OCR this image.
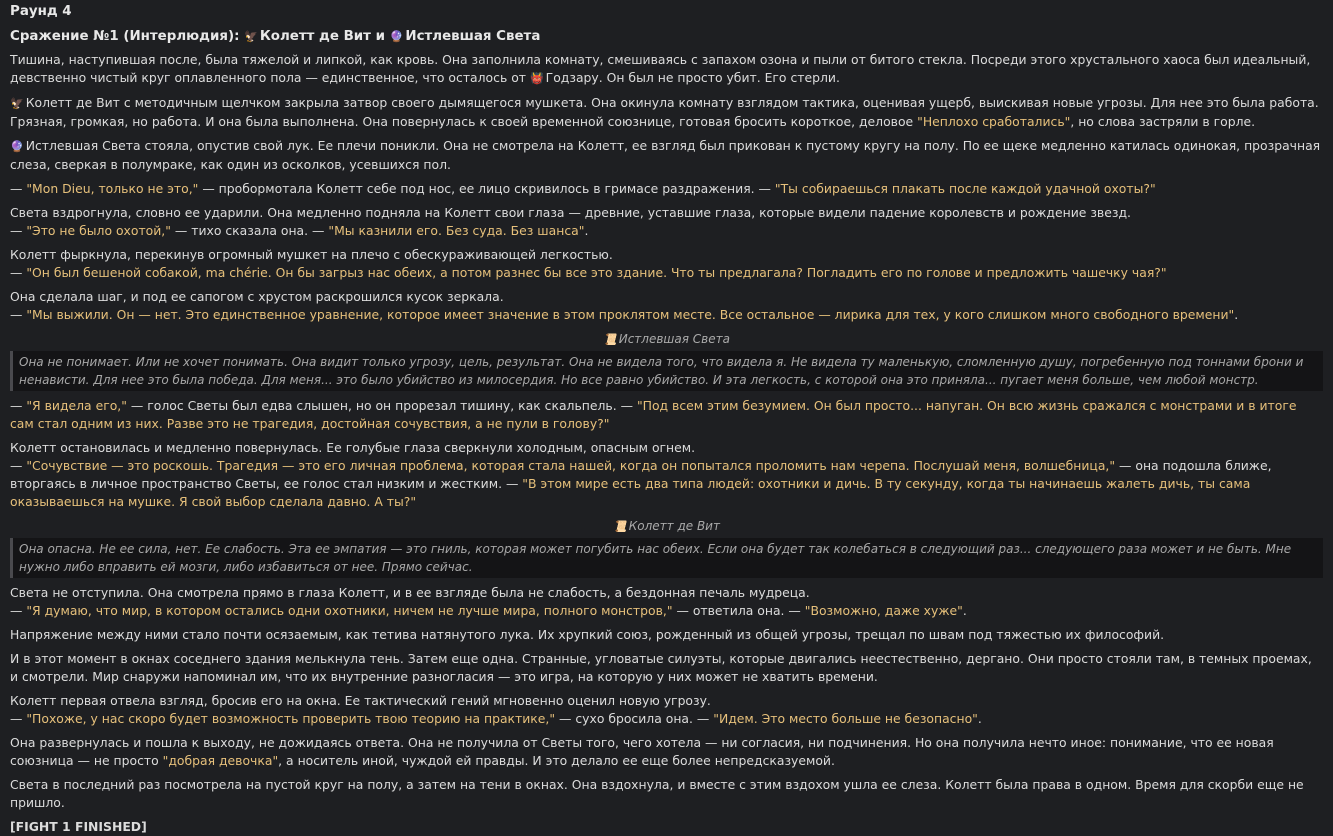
Раунд 4
Сражение №1 (Интерлюдия): 🦅 Колетт де Вит и 🔮 Истлевшая Света

Тишина, наступившая после, была тяжелой и липкой, как кровь. Она заполнила комнату, смешиваясь с запахом озона и пыли от битого стекла. Посреди этого хрустального хаоса был идеальный, девственно чистый круг оплавленного пола — единственное, что осталось от 👹 Годзару. Он был не просто убит. Его стерли.

🦅 Колетт де Вит с методичным щелчком закрыла затвор своего дымящегося мушкета. Она окинула комнату взглядом тактика, оценивая ущерб, выискивая новые угрозы. Для нее это была работа. Грязная, громкая, но работа. И она была выполнена. Она повернулась к своей временной союзнице, готовая бросить короткое, деловое "Неплохо сработались", но слова застряли в горле.

🔮 Истлевшая Света стояла, опустив свой лук. Ее плечи поникли. Она не смотрела на Колетт, ее взгляд был прикован к пустому кругу на полу. По ее щеке медленно катилась одинокая, прозрачная слеза, сверкая в полумраке, как один из осколков, усевшихся пол.

— "Mon Dieu, только не это," — пробормотала Колетт себе под нос, ее лицо скривилось в гримасе раздражения. — "Ты собираешься плакать после каждой удачной охоты?"

Света вздрогнула, словно ее ударили. Она медленно подняла на Колетт свои глаза — древние, уставшие глаза, которые видели падение королевств и рождение звезд.
— "Это не было охотой," — тихо сказала она. — "Мы казнили его. Без суда. Без шанса".

Колетт фыркнула, перекинув огромный мушкет на плечо с обескураживающей легкостью.
— "Он был бешеной собакой, ma chérie. Он бы загрыз нас обеих, а потом разнес бы все это здание. Что ты предлагала? Погладить его по голове и предложить чашечку чая?"

Она сделала шаг, и под ее сапогом с хрустом раскрошился кусок зеркала.
— "Мы выжили. Он — нет. Это единственное уравнение, которое имеет значение в этом проклятом месте. Все остальное — лирика для тех, у кого слишком много свободного времени".

📜 Истлевшая Света
Она не понимает. Или не хочет понимать. Она видит только угрозу, цель, результат. Она не видела того, что видела я. Не видела ту маленькую, сломленную душу, погребенную под тоннами брони и ненависти. Для нее это была победа. Для меня... это было убийство из милосердия. Но все равно убийство. И эта легкость, с которой она это приняла... пугает меня больше, чем любой монстр.

— "Я видела его," — голос Светы был едва слышен, но он прорезал тишину, как скальпель. — "Под всем этим безумием. Он был просто... напуган. Он всю жизнь сражался с монстрами и в итоге сам стал одним из них. Разве это не трагедия, достойная сочувствия, а не пули в голову?"

Колетт остановилась и медленно повернулась. Ее голубые глаза сверкнули холодным, опасным огнем.
— "Сочувствие — это роскошь. Трагедия — это его личная проблема, которая стала нашей, когда он попытался проломить нам черепа. Послушай меня, волшебница," — она подошла ближе, вторгаясь в личное пространство Светы, ее голос стал низким и жестким. — "В этом мире есть два типа людей: охотники и дичь. В ту секунду, когда ты начинаешь жалеть дичь, ты сама оказываешься на мушке. Я свой выбор сделала давно. А ты?"

📜 Колетт де Вит
Она опасна. Не ее сила, нет. Ее слабость. Эта ее эмпатия — это гниль, которая может погубить нас обеих. Если она будет так колебаться в следующий раз... следующего раза может и не быть. Мне нужно либо вправить ей мозги, либо избавиться от нее. Прямо сейчас.

Света не отступила. Она смотрела прямо в глаза Колетт, и в ее взгляде была не слабость, а бездонная печаль мудреца.
— "Я думаю, что мир, в котором остались одни охотники, ничем не лучше мира, полного монстров," — ответила она. — "Возможно, даже хуже".

Напряжение между ними стало почти осязаемым, как тетива натянутого лука. Их хрупкий союз, рожденный из общей угрозы, трещал по швам под тяжестью их философий.

И в этот момент в окнах соседнего здания мелькнула тень. Затем еще одна. Странные, угловатые силуэты, которые двигались неестественно, дергано. Они просто стояли там, в темных проемах, и смотрели. Мир снаружи напоминал им, что их внутренние разногласия — это игра, на которую у них может не хватить времени.

Колетт первая отвела взгляд, бросив его на окна. Ее тактический гений мгновенно оценил новую угрозу.
— "Похоже, у нас скоро будет возможность проверить твою теорию на практике," — сухо бросила она. — "Идем. Это место больше не безопасно".

Она развернулась и пошла к выходу, не дожидаясь ответа. Она не получила от Светы того, чего хотела — ни согласия, ни подчинения. Но она получила нечто иное: понимание, что ее новая союзница — не просто "добрая девочка", а носитель иной, чуждой ей правды. И это делало ее еще более непредсказуемой.

Света в последний раз посмотрела на пустой круг на полу, а затем на тени в окнах. Она вздохнула, и вместе с этим вздохом ушла ее слеза. Колетт была права в одном. Время для скорби еще не пришло.

[FIGHT 1 FINISHED]
